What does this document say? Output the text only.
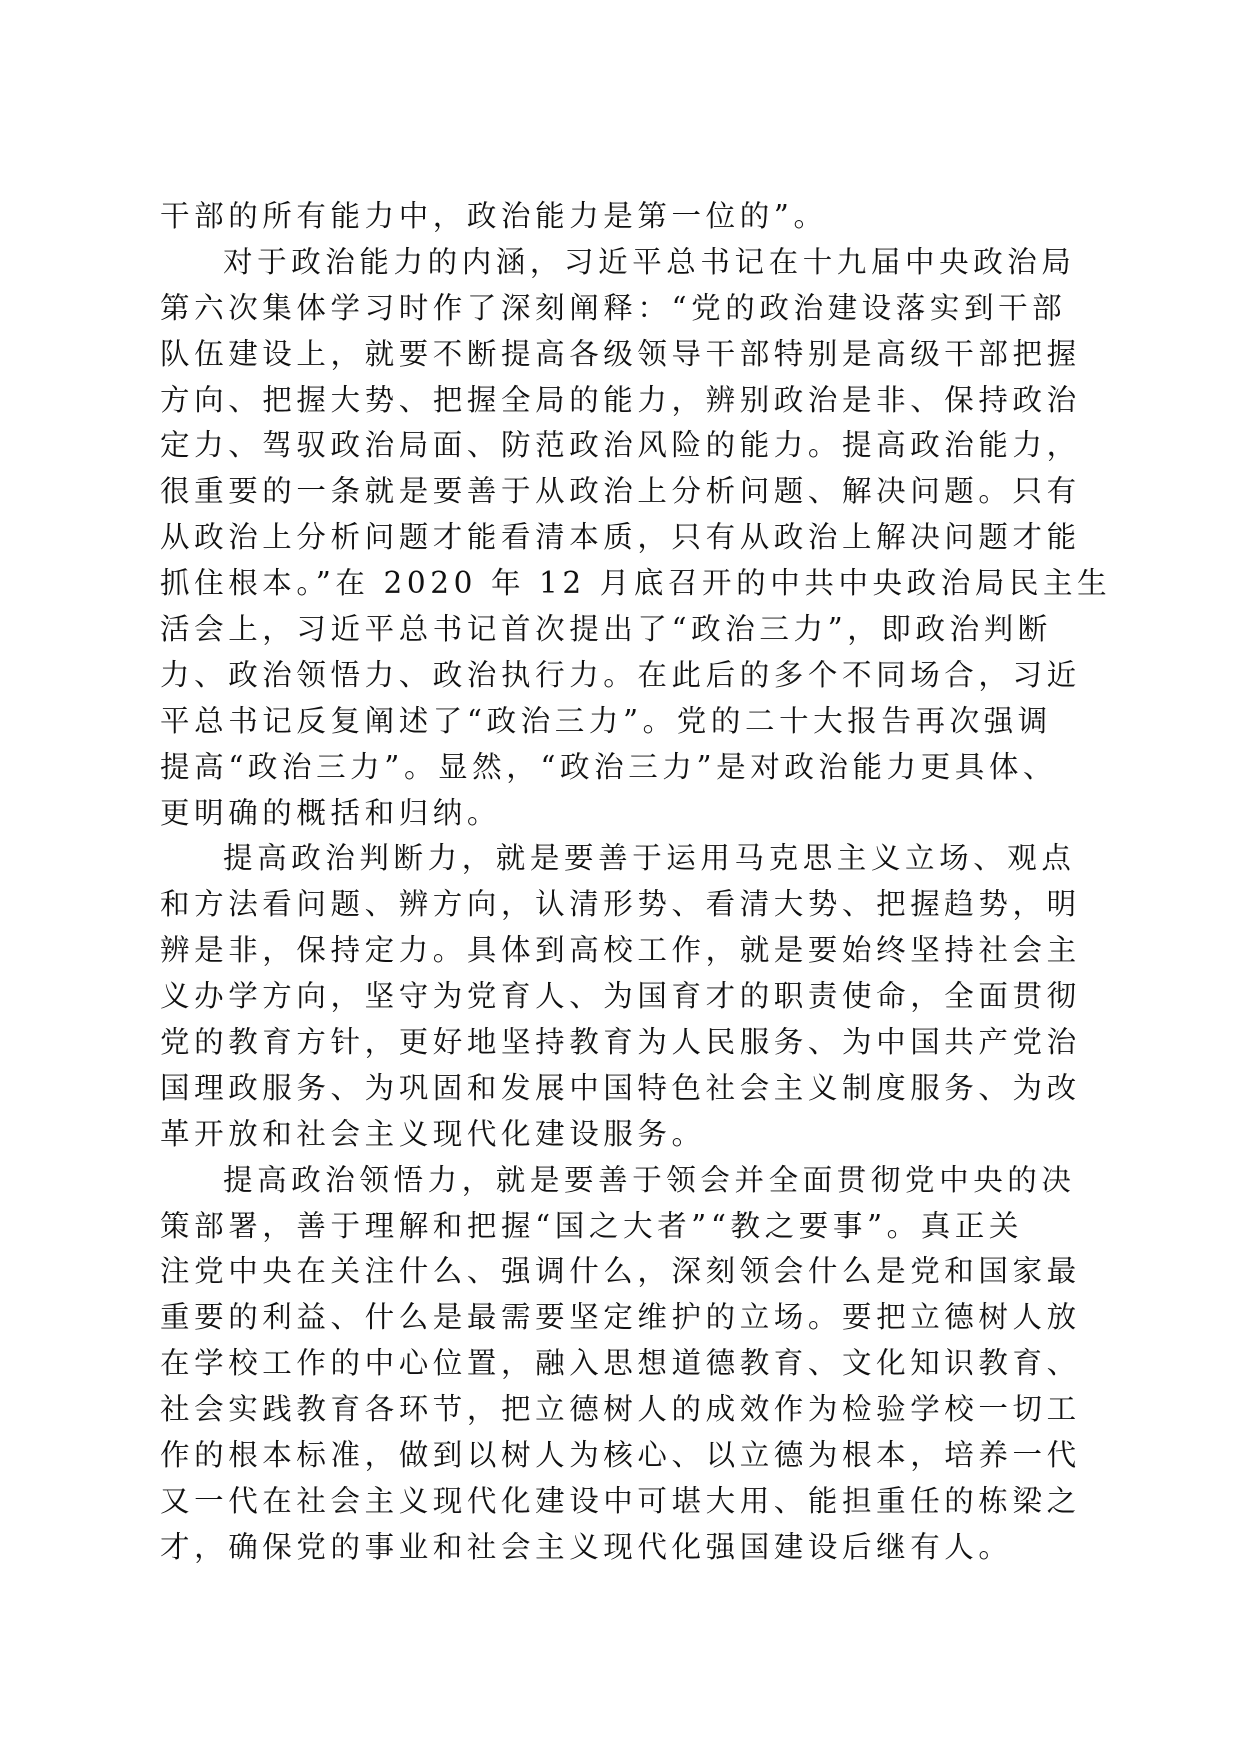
干部的所有能力中，政治能力是第一位的”。
对于政治能力的内涵，习近平总书记在十九届中央政治局
第六次集体学习时作了深刻阐释：“党的政治建设落实到干部
队伍建设上，就要不断提高各级领导干部特别是高级干部把握
方向、把握大势、把握全局的能力，辨别政治是非、保持政治
定力、驾驭政治局面、防范政治风险的能力。提高政治能力，
很重要的一条就是要善于从政治上分析问题、解决问题。只有
从政治上分析问题才能看清本质，只有从政治上解决问题才能
抓住根本。”在 2020 年 12 月底召开的中共中央政治局民主生
活会上，习近平总书记首次提出了“政治三力”，即政治判断
力、政治领悟力、政治执行力。在此后的多个不同场合，习近
平总书记反复阐述了“政治三力”。党的二十大报告再次强调
提高“政治三力”。显然，“政治三力”是对政治能力更具体、
更明确的概括和归纳。
提高政治判断力，就是要善于运用马克思主义立场、观点
和方法看问题、辨方向，认清形势、看清大势、把握趋势，明
辨是非，保持定力。具体到高校工作，就是要始终坚持社会主
义办学方向，坚守为党育人、为国育才的职责使命，全面贯彻
党的教育方针，更好地坚持教育为人民服务、为中国共产党治
国理政服务、为巩固和发展中国特色社会主义制度服务、为改
革开放和社会主义现代化建设服务。
提高政治领悟力，就是要善于领会并全面贯彻党中央的决
策部署，善于理解和把握“国之大者”“教之要事”。真正关
注党中央在关注什么、强调什么，深刻领会什么是党和国家最
重要的利益、什么是最需要坚定维护的立场。要把立德树人放
在学校工作的中心位置，融入思想道德教育、文化知识教育、
社会实践教育各环节，把立德树人的成效作为检验学校一切工
作的根本标准，做到以树人为核心、以立德为根本，培养一代
又一代在社会主义现代化建设中可堪大用、能担重任的栋梁之
才，确保党的事业和社会主义现代化强国建设后继有人。
